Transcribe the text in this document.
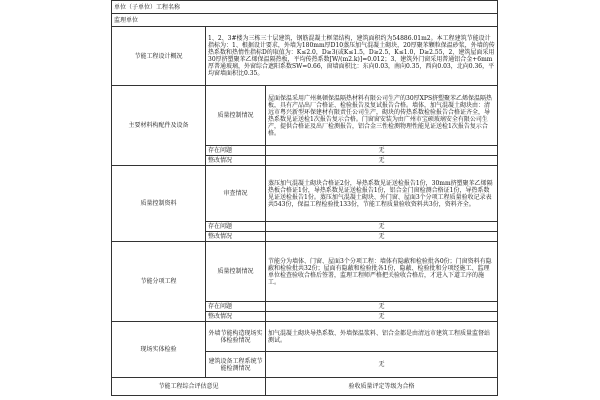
单位（子单位）工程名称		
监理单位		
节能工程设计概况	1、2、3#楼为三栋三十层建筑，钢筋混凝土框架结构，建筑面积约为54886.01m2。本工程建筑节能设计指标为：1、根据设计要求，外墙为180mm厚D10蒸压加气混凝土砌块，20厚聚苯颗粒保温砂浆，外墙的传热系数和热惰性指标D的取值为：K≤2.0，D≥3(或K≤1.5，D≥2.5，K≤1.0，D≥2.55，2、建筑屋面采用30厚挤塑聚苯乙烯保温隔热板，平均传热系数[W/(m2.k)]=0.012；3、建筑外门窗采用普通铝合金+6mm厚普通玻璃，外窗综合遮阳系数SW=0.66，窗墙面积比：东向0.03，南向0.35，西向0.03，北向0.36，平均窗墙面积比0.35。	
主要材料构配件及设备	质量控制情况	屋面保温采用广州奥顿保温隔热材料有限公司生产的30厚XPS挤塑聚苯乙烯保温隔热板，具有产品出厂合格证、检验报告及复试报告合格。墙体，加气混凝土砌块由：清远市粤兴新型环保建材有限责任公司生产，砌块的传热系数检验报告合格证齐全，导热系数见证送检1次报告复示合格。门窗窗安装为由广州市宝硕玻璃安全有限公司生产，提供合格证及出厂检测报告，铝合金三性检测物理性能见证送检1次报告复示合格。
	存在问题	无
	整改情况	无
质量控制资料	审查情况	蒸压加气混凝土砌块合格证2份，导热系数见证送检报告1份，30mm挤塑聚苯乙烯隔热板合格证1份，导热系数见证送检报告1份，铝合金门窗检测合格证1份，导热系数见证送检报告1份。蒸压加气混凝土砌块、外门窗、屋面3个分项工程质量验收记录表共543份，保温工程检验批133份，节能工程质量验收资料共3份，资料齐全。
	存在问题	无
	整改情况	无
节能分项工程	质量控制情况	节能分为墙体、门窗、屋面3个分项工程：墙体有隐蔽和检验批各0份；门窗资料有隐蔽和检验批共32份；屋面有隐蔽和检验批各1份，隐蔽、检验批和分项经施工、监理单位检查验收合格后签署，监理工程师严格把关验收合格后，才进入下道工序的施工。
	存在问题	无
	整改情况	无
现场实体检验	外墙节能构造现场实体检验情况	加气混凝土砌块导热系数、外墙保温浆料、铝合金都是由清远市建筑工程质量监督站测试。
	建筑设备工程系统节能检测情况	无
节能工程综合评估意见		验收质量评定等级为合格
